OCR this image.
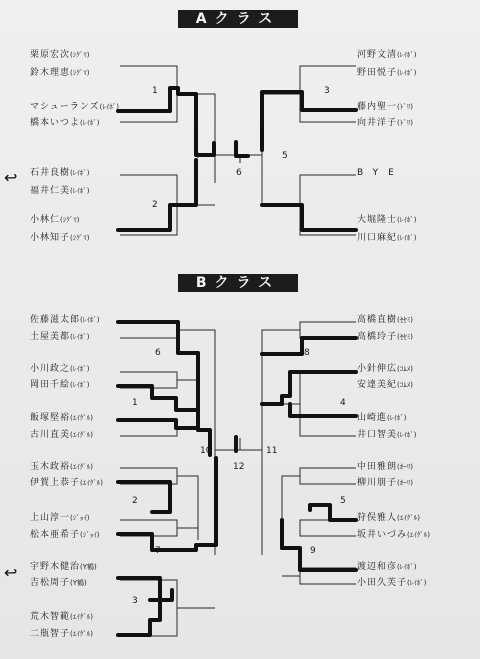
Aクラス
Bクラス
栗原宏次(ｼｸﾞﾏ)
鈴木理恵(ｼｸﾞﾏ)
マシューランズ(ﾚｲﾎﾞ)
橋本いつよ(ﾚｲﾎﾞ)
石井良樹(ﾚｲﾎﾞ)
福井仁美(ﾚｲﾎﾞ)
小林仁(ｼｸﾞﾏ)
小林知子(ｼｸﾞﾏ)
河野文清(ﾚｲﾎﾞ)
野田悦子(ﾚｲﾎﾞ)
藤内聖一(ﾄﾞﾘ)
向井洋子(ﾄﾞﾘ)
BYE
大堀隆士(ﾚｲﾎﾞ)
川口麻紀(ﾚｲﾎﾞ)
1
2
3
4	5
6
佐藤滋太郎(ﾚｲﾎﾞ)
土屋美都(ﾚｲﾎﾞ)
小川政之(ﾚｲﾎﾞ)
岡田千絵(ﾚｲﾎﾞ)
飯塚堅裕(ｴｲｸﾞﾙ)
古川直美(ｴｲｸﾞﾙ)
玉木政裕(ｴｲｸﾞﾙ)
伊賀上恭子(ｴｲｸﾞﾙ)
上山淳一(ｼﾞｮｲ)
松本亜希子(ｼﾞｮｲ)
宇野木健治(Y鶴)
吉松周子(Y鶴)
荒木智範(ｴｲｸﾞﾙ)
二瓶智子(ｴｲｸﾞﾙ)
高橋直樹(ｾｾﾐ)
高橋玲子(ｾｾﾐ)
小針伸広(ｺﾑﾒ)
安達美紀(ｺﾑﾒ)
山崎進(ﾚｲﾎﾞ)
井口智美(ﾚｲﾎﾞ)
中田雅朗(ｵｰﾘ)
柳川朋子(ｵｰﾘ)
狩俣雅人(ｴｲｸﾞﾙ)
坂井いづみ(ｴｲｸﾞﾙ)
渡辺和彦(ﾚｲﾎﾞ)
小田久芙子(ﾚｲﾎﾞ)
1
2
3
4
5
6
7
8
9
10	11
12
↩
↩
